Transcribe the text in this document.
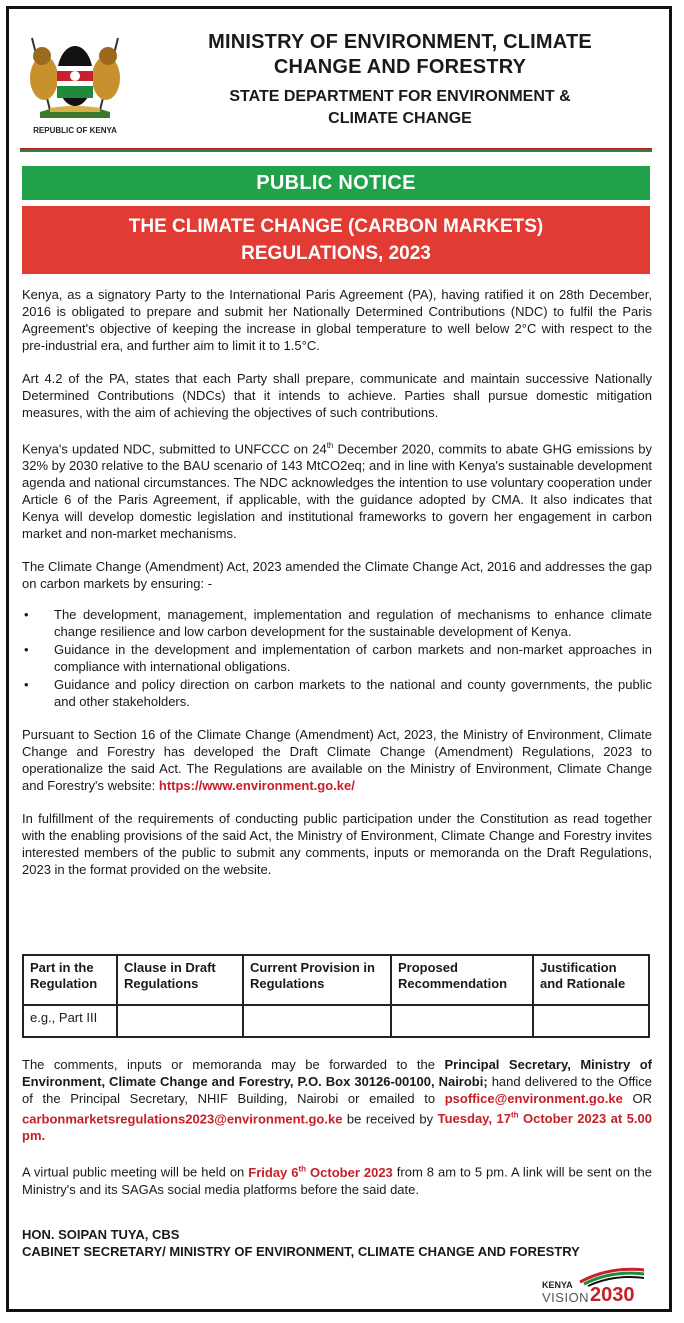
REPUBLIC OF KENYA
MINISTRY OF ENVIRONMENT, CLIMATE
CHANGE AND FORESTRY
STATE DEPARTMENT FOR ENVIRONMENT &
CLIMATE CHANGE
PUBLIC NOTICE
THE CLIMATE CHANGE (CARBON MARKETS)
REGULATIONS, 2023

Kenya, as a signatory Party to the International Paris Agreement (PA), having ratified it on 28th December, 2016 is obligated to prepare and submit her Nationally Determined Contributions (NDC) to fulfil the Paris Agreement's objective of keeping the increase in global temperature to well below 2°C with respect to the pre-industrial era, and further aim to limit it to 1.5°C.

Art 4.2 of the PA, states that each Party shall prepare, communicate and maintain successive Nationally Determined Contributions (NDCs) that it intends to achieve. Parties shall pursue domestic mitigation measures, with the aim of achieving the objectives of such contributions.

Kenya's updated NDC, submitted to UNFCCC on 24th December 2020, commits to abate GHG emissions by 32% by 2030 relative to the BAU scenario of 143 MtCO2eq; and in line with Kenya's sustainable development agenda and national circumstances. The NDC acknowledges the intention to use voluntary cooperation under Article 6 of the Paris Agreement, if applicable, with the guidance adopted by CMA. It also indicates that Kenya will develop domestic legislation and institutional frameworks to govern her engagement in carbon market and non-market mechanisms.

The Climate Change (Amendment) Act, 2023 amended the Climate Change Act, 2016 and addresses the gap on carbon markets by ensuring: -

• The development, management, implementation and regulation of mechanisms to enhance climate change resilience and low carbon development for the sustainable development of Kenya.
• Guidance in the development and implementation of carbon markets and non-market approaches in compliance with international obligations.
• Guidance and policy direction on carbon markets to the national and county governments, the public and other stakeholders.

Pursuant to Section 16 of the Climate Change (Amendment) Act, 2023, the Ministry of Environment, Climate Change and Forestry has developed the Draft Climate Change (Amendment) Regulations, 2023 to operationalize the said Act. The Regulations are available on the Ministry of Environment, Climate Change and Forestry's website: https://www.environment.go.ke/

In fulfillment of the requirements of conducting public participation under the Constitution as read together with the enabling provisions of the said Act, the Ministry of Environment, Climate Change and Forestry invites interested members of the public to submit any comments, inputs or memoranda on the Draft Regulations, 2023 in the format provided on the website.

Part in the Regulation	Clause in Draft Regulations	Current Provision in Regulations	Proposed Recommendation	Justification and Rationale
e.g., Part III				

The comments, inputs or memoranda may be forwarded to the Principal Secretary, Ministry of Environment, Climate Change and Forestry, P.O. Box 30126-00100, Nairobi; hand delivered to the Office of the Principal Secretary, NHIF Building, Nairobi or emailed to psoffice@environment.go.ke OR carbonmarketsregulations2023@environment.go.ke be received by Tuesday, 17th October 2023 at 5.00 pm.

A virtual public meeting will be held on Friday 6th October 2023 from 8 am to 5 pm. A link will be sent on the Ministry's and its SAGAs social media platforms before the said date.

HON. SOIPAN TUYA, CBS
CABINET SECRETARY/ MINISTRY OF ENVIRONMENT, CLIMATE CHANGE AND FORESTRY
KENYA
VISION 2030
